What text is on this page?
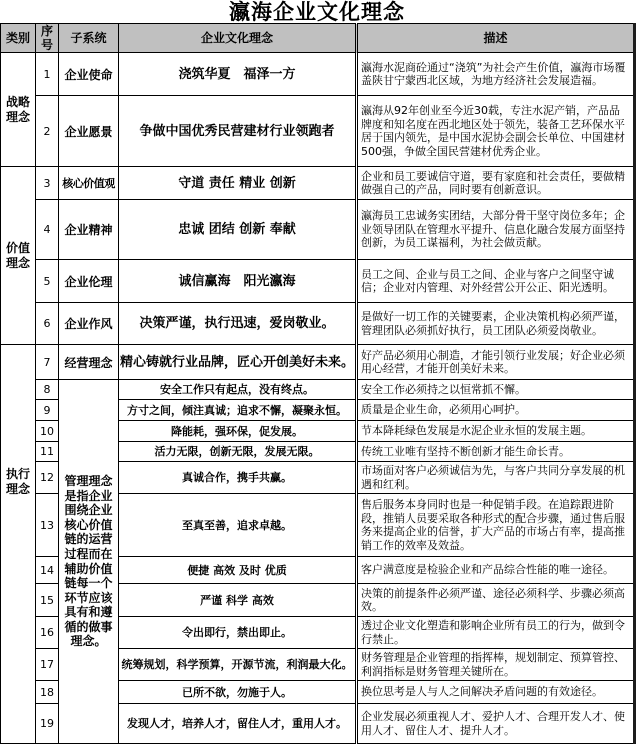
瀛海企业文化理念
类别	序号	子系统	企业文化理念	描述
战略理念	1	企业使命	浇筑华夏　福泽一方	瀛海水泥商砼通过“浇筑”为社会产生价值，瀛海市场覆盖陕甘宁蒙西北区域，为地方经济社会发展造福。
	2	企业愿景	争做中国优秀民营建材行业领跑者	瀛海从92年创业至今近30载，专注水泥产销，产品品牌度和知名度在西北地区处于领先，装备工艺环保水平居于国内领先，是中国水泥协会副会长单位、中国建材500强，争做全国民营建材优秀企业。
价值理念	3	核心价值观	守道 责任 精业 创新	企业和员工要诚信守道，要有家庭和社会责任，要做精做强自己的产品，同时要有创新意识。
	4	企业精神	忠诚 团结 创新 奉献	瀛海员工忠诚务实团结，大部分骨干坚守岗位多年；企业领导团队在管理水平提升、信息化融合发展方面坚持创新，为员工谋福利，为社会做贡献。
	5	企业伦理	诚信赢海　阳光瀛海	员工之间、企业与员工之间、企业与客户之间坚守诚信；企业对内管理、对外经营公开公正、阳光透明。
	6	企业作风	决策严谨，执行迅速，爱岗敬业。	是做好一切工作的关键要素，企业决策机构必须严谨，管理团队必须抓好执行，员工团队必须爱岗敬业。
执行理念	7	经营理念	精心铸就行业品牌，匠心开创美好未来。	好产品必须用心制造，才能引领行业发展；好企业必须用心经营，才能开创美好未来。
	8	管理理念是指企业围绕企业核心价值链的运营过程而在辅助价值链每一个环节应该具有和遵循的做事理念。	安全工作只有起点，没有终点。	安全工作必须持之以恒常抓不懈。
	9		方寸之间，倾注真诚；追求不懈，凝聚永恒。	质量是企业生命，必须用心呵护。
	10		降能耗，强环保，促发展。	节本降耗绿色发展是水泥企业永恒的发展主题。
	11		活力无限，创新无限，发展无限。	传统工业唯有坚持不断创新才能生命长青。
	12		真诚合作，携手共赢。	市场面对客户必须诚信为先，与客户共同分享发展的机遇和红利。
	13		至真至善，追求卓越。	售后服务本身同时也是一种促销手段。在追踪跟进阶段，推销人员要采取各种形式的配合步骤，通过售后服务来提高企业的信誉，扩大产品的市场占有率，提高推销工作的效率及效益。
	14		便捷 高效 及时 优质	客户满意度是检验企业和产品综合性能的唯一途径。
	15		严谨 科学 高效	决策的前提条件必须严谨、途径必须科学、步骤必须高效。
	16		令出即行，禁出即止。	透过企业文化塑造和影响企业所有员工的行为，做到令行禁止。
	17		统筹规划，科学预算，开源节流，利润最大化。	财务管理是企业管理的指挥棒，规划制定、预算管控、利润指标是财务管理关键所在。
	18		已所不欲，勿施于人。	换位思考是人与人之间解决矛盾问题的有效途径。
	19		发现人才，培养人才，留住人才，重用人才。	企业发展必须重视人才、爱护人才、合理开发人才、使用人才、留住人才、提升人才。
